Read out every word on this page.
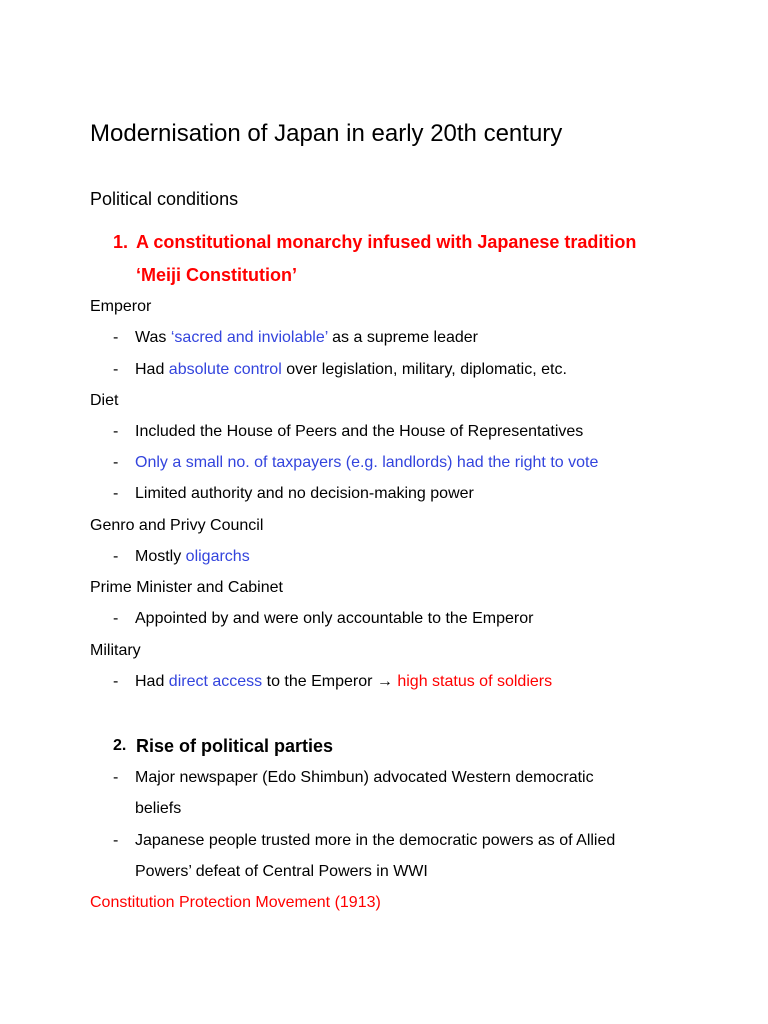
Modernisation of Japan in early 20th century
Political conditions
1. A constitutional monarchy infused with Japanese tradition
‘Meiji Constitution’
Emperor
-	Was ‘sacred and inviolable’ as a supreme leader
-	Had absolute control over legislation, military, diplomatic, etc.
Diet
-	Included the House of Peers and the House of Representatives
-	Only a small no. of taxpayers (e.g. landlords) had the right to vote
-	Limited authority and no decision-making power
Genro and Privy Council
-	Mostly oligarchs
Prime Minister and Cabinet
-	Appointed by and were only accountable to the Emperor
Military
-	Had direct access to the Emperor → high status of soldiers
2. Rise of political parties
-	Major newspaper (Edo Shimbun) advocated Western democratic
beliefs
-	Japanese people trusted more in the democratic powers as of Allied
Powers’ defeat of Central Powers in WWI
Constitution Protection Movement (1913)
